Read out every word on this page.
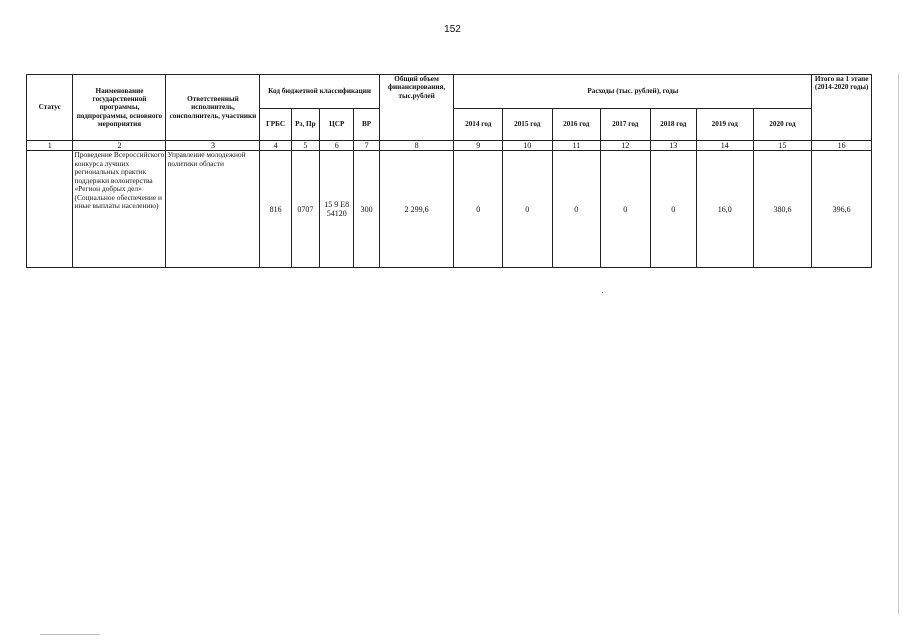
152
Статус	Наименование государственной программы, подпрограммы, основного мероприятия	Ответственный исполнитель, соисполнитель, участники	Код бюджетной классификации				Общий объем финансирования, тыс.рублей	Расходы (тыс. рублей), годы							Итого на 1 этапе (2014-2020 годы)
			ГРБС	Рз, Пр	ЦСР	ВР		2014 год	2015 год	2016 год	2017 год	2018 год	2019 год	2020 год	
1	2	3	4	5	6	7	8	9	10	11	12	13	14	15	16
	Проведение Всероссийского конкурса лучших региональных практик поддержки волонтерства «Регион добрых дел» (Социальное обеспечение и иные выплаты населению)	Управление молодежной политики области	816	0707	15 9 E8 54120	300	2 299,6	0	0	0	0	0	16,0	380,6	396,6
